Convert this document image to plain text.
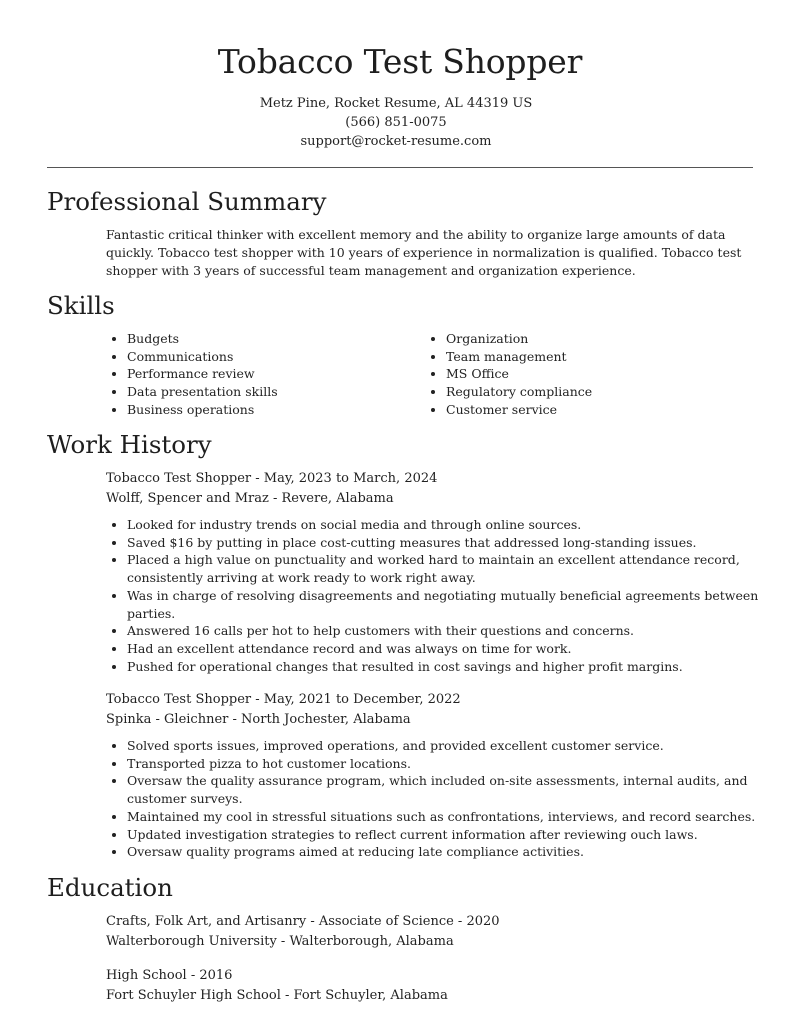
Tobacco Test Shopper
Metz Pine, Rocket Resume, AL 44319 US
(566) 851-0075
support@rocket-resume.com
Professional Summary

Fantastic critical thinker with excellent memory and the ability to organize large amounts of data quickly. Tobacco test shopper with 10 years of experience in normalization is qualified. Tobacco test shopper with 3 years of successful team management and organization experience.

Skills
• Budgets
• Communications
• Performance review
• Data presentation skills
• Business operations
• Organization
• Team management
• MS Office
• Regulatory compliance
• Customer service
Work History
Tobacco Test Shopper - May, 2023 to March, 2024
Wolff, Spencer and Mraz - Revere, Alabama
• Looked for industry trends on social media and through online sources.
• Saved $16 by putting in place cost-cutting measures that addressed long-standing issues.
• Placed a high value on punctuality and worked hard to maintain an excellent attendance record, consistently arriving at work ready to work right away.
• Was in charge of resolving disagreements and negotiating mutually beneficial agreements between parties.
• Answered 16 calls per hot to help customers with their questions and concerns.
• Had an excellent attendance record and was always on time for work.
• Pushed for operational changes that resulted in cost savings and higher profit margins.
Tobacco Test Shopper - May, 2021 to December, 2022
Spinka - Gleichner - North Jochester, Alabama
• Solved sports issues, improved operations, and provided excellent customer service.
• Transported pizza to hot customer locations.
• Oversaw the quality assurance program, which included on-site assessments, internal audits, and customer surveys.
• Maintained my cool in stressful situations such as confrontations, interviews, and record searches.
• Updated investigation strategies to reflect current information after reviewing ouch laws.
• Oversaw quality programs aimed at reducing late compliance activities.
Education
Crafts, Folk Art, and Artisanry - Associate of Science - 2020
Walterborough University - Walterborough, Alabama
High School - 2016
Fort Schuyler High School - Fort Schuyler, Alabama
